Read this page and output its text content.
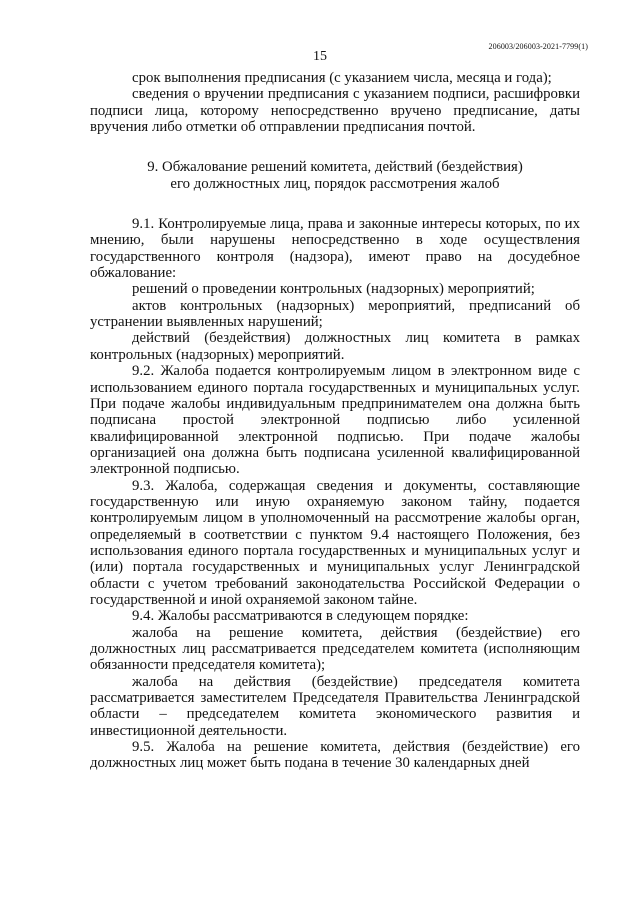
206003/206003-2021-7799(1)
15

срок выполнения предписания (с указанием числа, месяца и года);

сведения о вручении предписания с указанием подписи, расшифровки подписи лица, которому непосредственно вручено предписание, даты вручения либо отметки об отправлении предписания почтой.

9. Обжалование решений комитета, действий (бездействия)

его должностных лиц, порядок рассмотрения жалоб

9.1. Контролируемые лица, права и законные интересы которых, по их мнению, были нарушены непосредственно в ходе осуществления государственного контроля (надзора), имеют право на досудебное обжалование:

решений о проведении контрольных (надзорных) мероприятий;

актов контрольных (надзорных) мероприятий, предписаний об устранении выявленных нарушений;

действий (бездействия) должностных лиц комитета в рамках контрольных (надзорных) мероприятий.

9.2. Жалоба подается контролируемым лицом в электронном виде с использованием единого портала государственных и муниципальных услуг. При подаче жалобы индивидуальным предпринимателем она должна быть подписана простой электронной подписью либо усиленной квалифицированной электронной подписью. При подаче жалобы организацией она должна быть подписана усиленной квалифицированной электронной подписью.

9.3. Жалоба, содержащая сведения и документы, составляющие государственную или иную охраняемую законом тайну, подается контролируемым лицом в уполномоченный на рассмотрение жалобы орган, определяемый в соответствии с пунктом 9.4 настоящего Положения, без использования единого портала государственных и муниципальных услуг и (или) портала государственных и муниципальных услуг Ленинградской области с учетом требований законодательства Российской Федерации о государственной и иной охраняемой законом тайне.

9.4. Жалобы рассматриваются в следующем порядке:

жалоба на решение комитета, действия (бездействие) его должностных лиц рассматривается председателем комитета (исполняющим обязанности председателя комитета);

жалоба на действия (бездействие) председателя комитета рассматривается заместителем Председателя Правительства Ленинградской области – председателем комитета экономического развития и инвестиционной деятельности.

9.5. Жалоба на решение комитета, действия (бездействие) его должностных лиц может быть подана в течение 30 календарных дней
